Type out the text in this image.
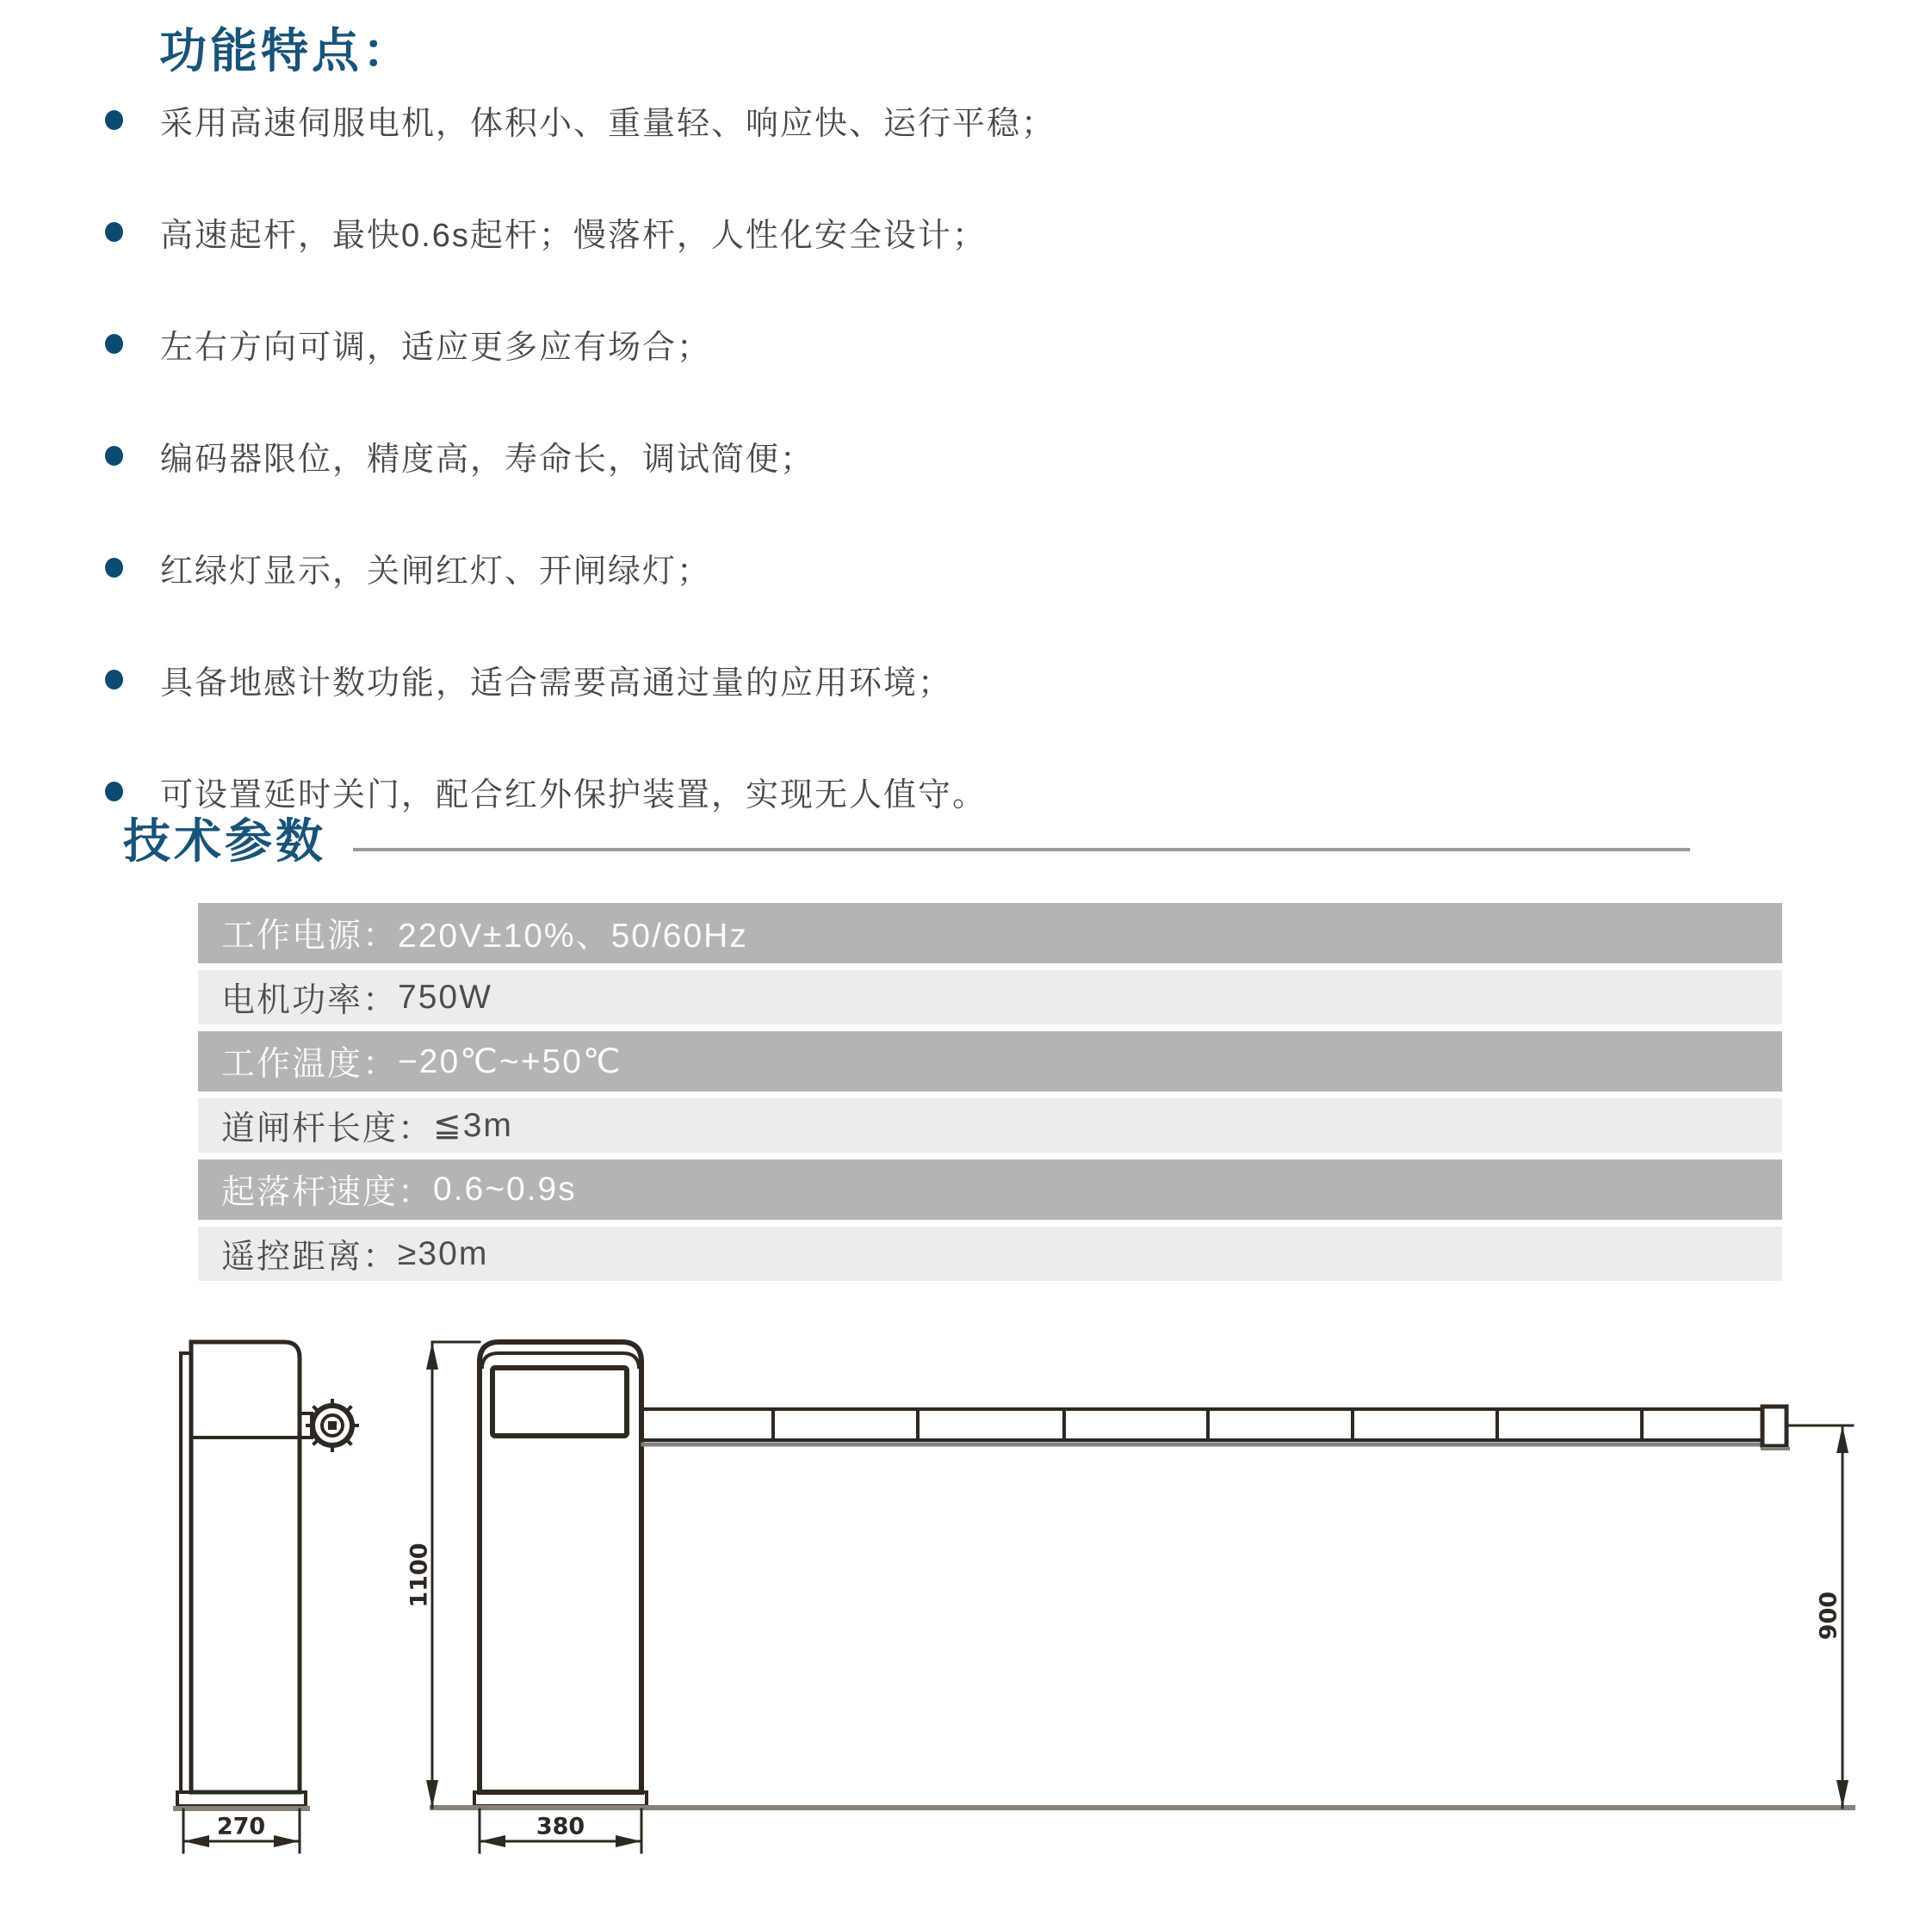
功能特点：
采用高速伺服电机，体积小、重量轻、响应快、运行平稳；
高速起杆，最快0.6s起杆；慢落杆，人性化安全设计；
左右方向可调，适应更多应有场合；
编码器限位，精度高，寿命长，调试简便；
红绿灯显示，关闸红灯、开闸绿灯；
具备地感计数功能，适合需要高通过量的应用环境；
可设置延时关门，配合红外保护装置，实现无人值守。
技术参数
工作电源 ： 220V±10%、50/60Hz
电机功率 ： 750W
工作温度 ： −20℃~+50℃
道闸杆长度 ： ≦3m
起落杆速度 ： 0.6~0.9s
遥控距离 ： ≥30m
270	380
1100
900
